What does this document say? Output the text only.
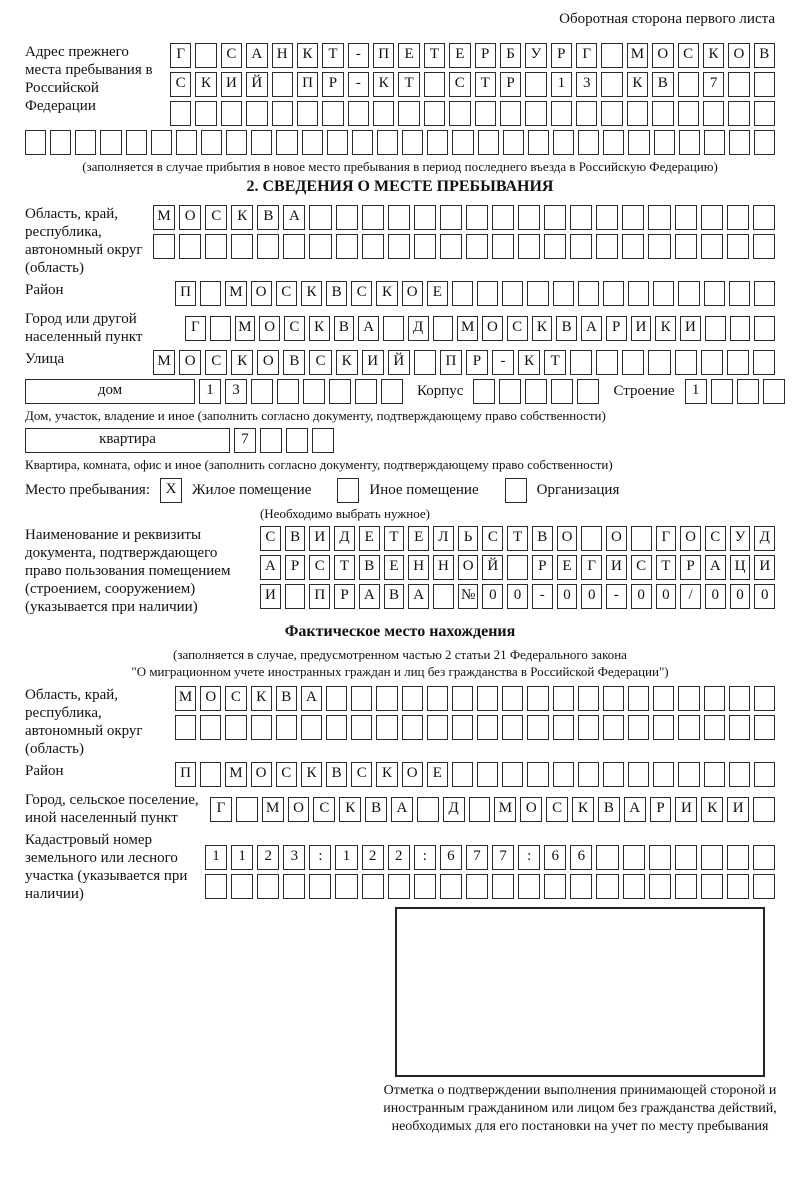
Оборотная сторона первого листа
Адрес прежнего места пребывания в Российской Федерации
Г	С А Н К	Т	-	П	Е	Т	Е	Р	Б	У	Р	Г	М О С	К О В
С	К И Й	П	Р	-	К	Т	С	Т	Р	1	3	К	В	7
(заполняется в случае прибытия в новое место пребывания в период последнего въезда в Российскую Федерацию)
2. СВЕДЕНИЯ О МЕСТЕ ПРЕБЫВАНИЯ
Область, край, республика, автономный округ (область)
М О	С	К	В	А
Район	П	М О С	К	В	С	К О	Е
Город или другой населенный пункт
Г	М О С К В А	Д	М О С К В А	Р	И К И
Улица	М О	С	К	О	В	С	К	И	Й	П	Р	-	К	Т
дом	1	3	Корпус	Строение	1
Дом, участок, владение и иное (заполнить согласно документу, подтверждающему право собственности)
квартира	7
Квартира, комната, офис и иное (заполнить согласно документу, подтверждающему право собственности)
Место пребывания:	X	Жилое помещение	Иное помещение	Организация
(Необходимо выбрать нужное)
Наименование и реквизиты документа, подтверждающего право пользования помещением (строением, сооружением) (указывается при наличии)
С В И Д	Е	Т	Е	Л	Ь	С	Т	В О	О	Г О С У Д
А	Р	С	Т	В	Е Н Н О Й	Р	Е	Г И С	Т	Р	А Ц И
И	П	Р	А В А	№ 0	0	-	0	0	-	0	0	/	0	0	0
Фактическое место нахождения
(заполняется в случае, предусмотренном частью 2 статьи 21 Федерального закона
"О миграционном учете иностранных граждан и лиц без гражданства в Российской Федерации")
Область, край, республика, автономный округ (область)
М О С	К	В А
Район	П	М О С	К	В	С	К О	Е
Город, сельское поселение, иной населенный пункт
Г	М О	С	К	В	А	Д	М О	С	К	В	А	Р	И	К	И
Кадастровый номер земельного или лесного участка (указывается при наличии)
1	1	2	3	:	1	2	2	:	6	7	7	:	6	6
Отметка о подтверждении выполнения принимающей стороной и иностранным гражданином или лицом без гражданства действий, необходимых для его постановки на учет по месту пребывания
